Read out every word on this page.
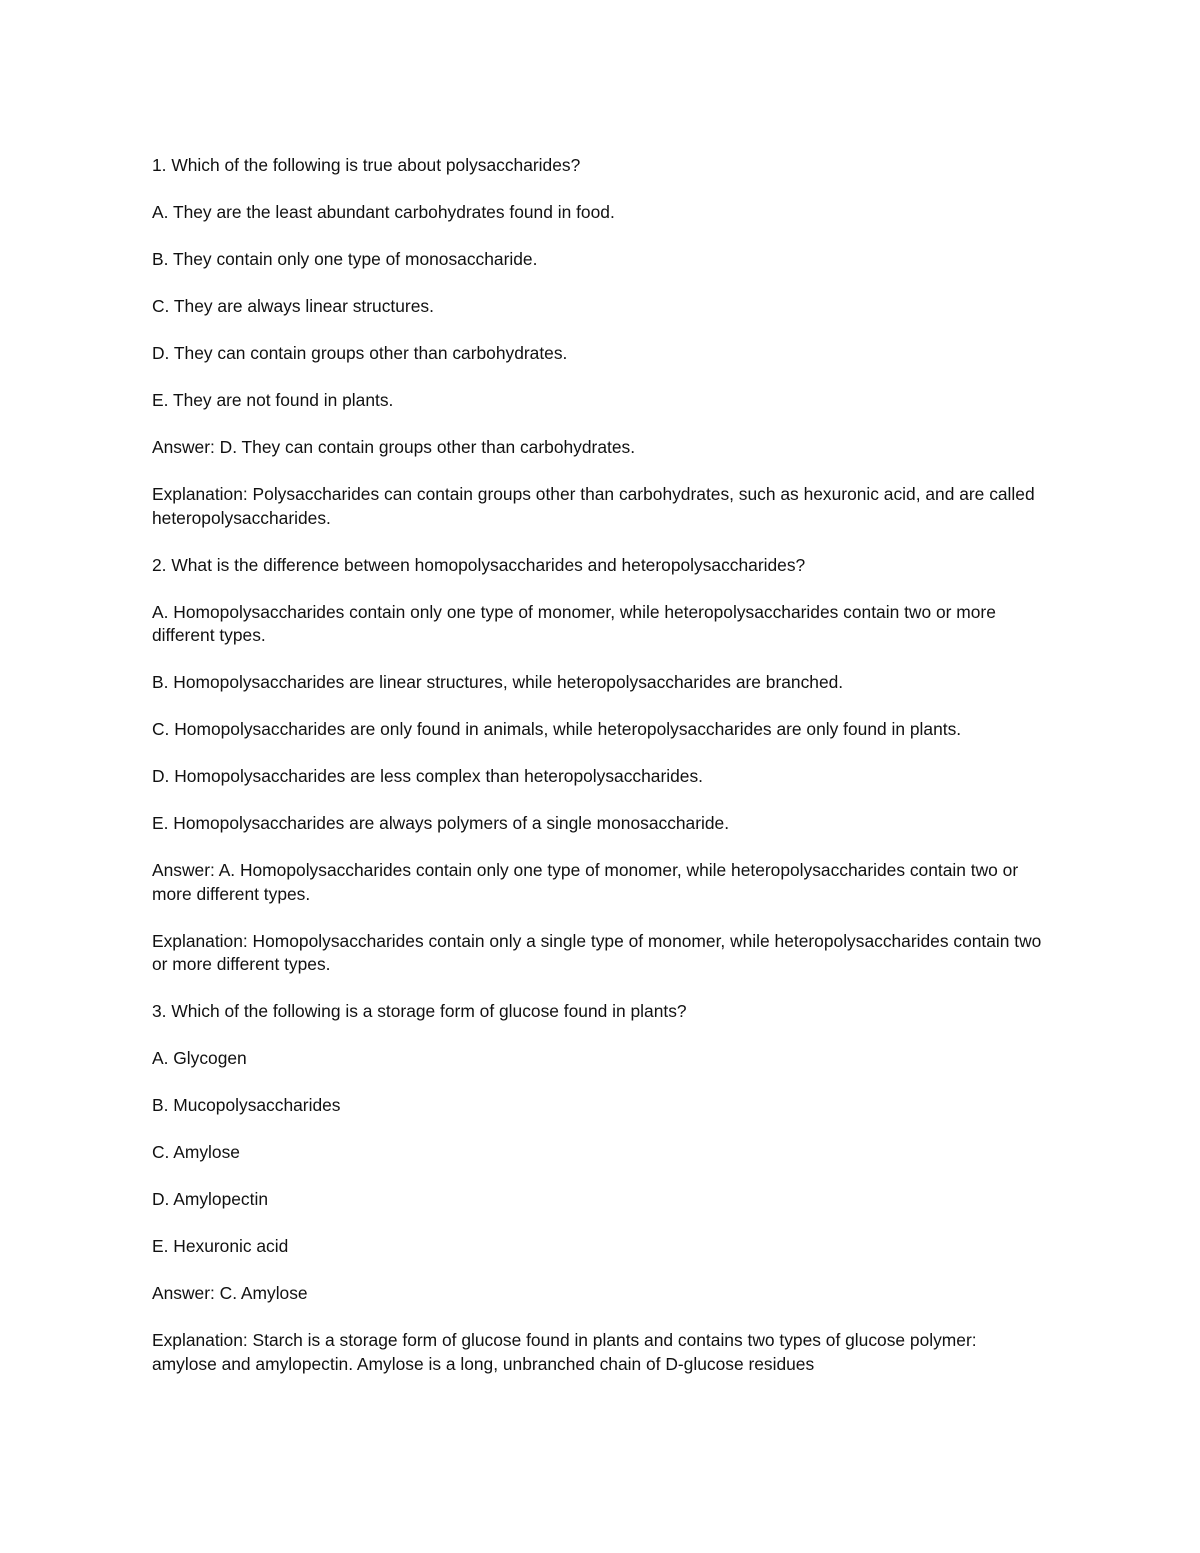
1. Which of the following is true about polysaccharides?

A. They are the least abundant carbohydrates found in food.

B. They contain only one type of monosaccharide.

C. They are always linear structures.

D. They can contain groups other than carbohydrates.

E. They are not found in plants.

Answer: D. They can contain groups other than carbohydrates.

Explanation: Polysaccharides can contain groups other than carbohydrates, such as hexuronic acid, and are called heteropolysaccharides.

2. What is the difference between homopolysaccharides and heteropolysaccharides?

A. Homopolysaccharides contain only one type of monomer, while heteropolysaccharides contain two or more different types.

B. Homopolysaccharides are linear structures, while heteropolysaccharides are branched.

C. Homopolysaccharides are only found in animals, while heteropolysaccharides are only found in plants.

D. Homopolysaccharides are less complex than heteropolysaccharides.

E. Homopolysaccharides are always polymers of a single monosaccharide.

Answer: A. Homopolysaccharides contain only one type of monomer, while heteropolysaccharides contain two or more different types.

Explanation: Homopolysaccharides contain only a single type of monomer, while heteropolysaccharides contain two or more different types.

3. Which of the following is a storage form of glucose found in plants?

A. Glycogen

B. Mucopolysaccharides

C. Amylose

D. Amylopectin

E. Hexuronic acid

Answer: C. Amylose

Explanation: Starch is a storage form of glucose found in plants and contains two types of glucose polymer: amylose and amylopectin. Amylose is a long, unbranched chain of D-glucose residues
